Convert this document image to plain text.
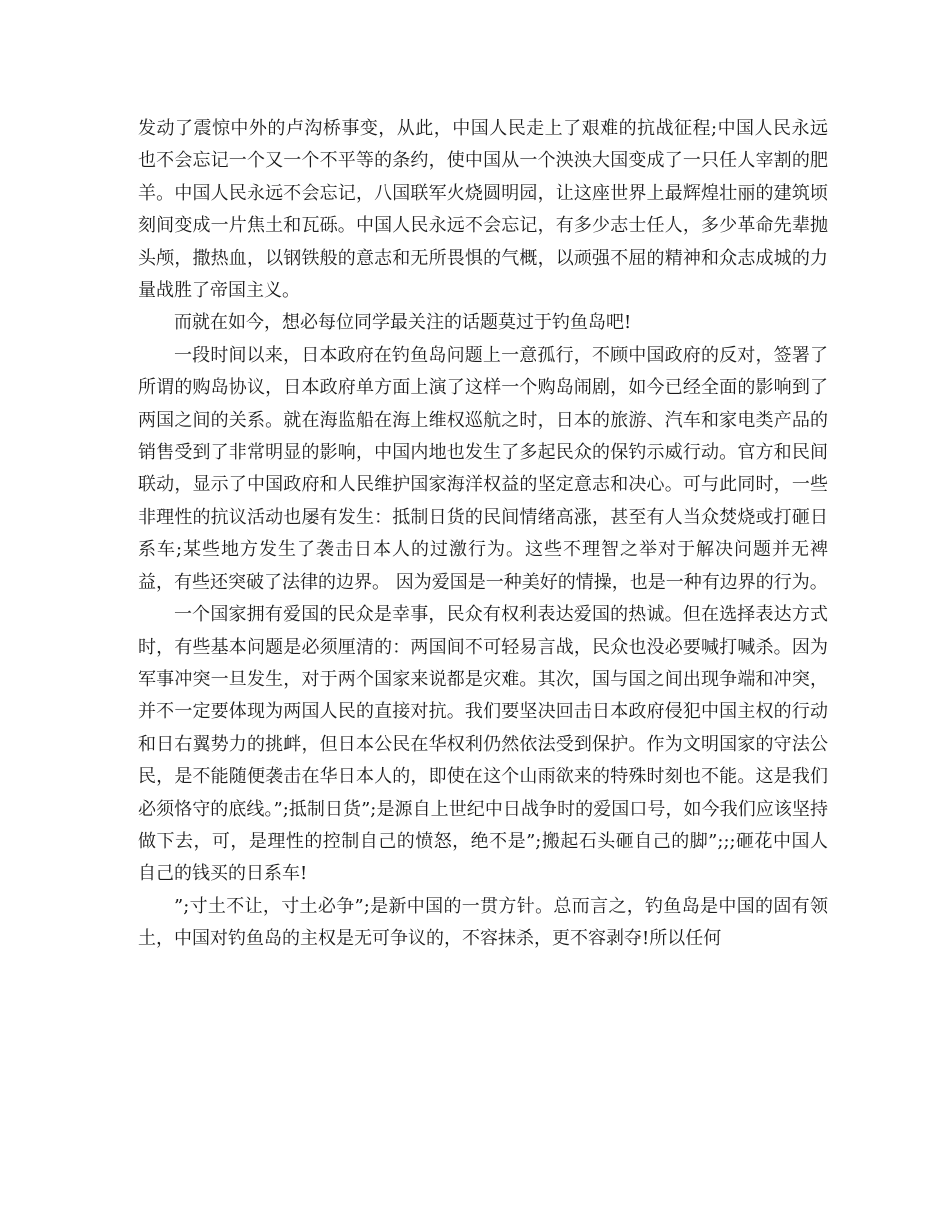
发动了震惊中外的卢沟桥事变，从此，中国人民走上了艰难的抗战征程;中国人民永远也不会忘记一个又一个不平等的条约，使中国从一个泱泱大国变成了一只任人宰割的肥羊。中国人民永远不会忘记，八国联军火烧圆明园，让这座世界上最辉煌壮丽的建筑顷刻间变成一片焦土和瓦砾。中国人民永远不会忘记，有多少志士任人，多少革命先辈抛头颅，撒热血，以钢铁般的意志和无所畏惧的气概，以顽强不屈的精神和众志成城的力量战胜了帝国主义。

而就在如今，想必每位同学最关注的话题莫过于钓鱼岛吧!

一段时间以来，日本政府在钓鱼岛问题上一意孤行，不顾中国政府的反对，签署了所谓的购岛协议，日本政府单方面上演了这样一个购岛闹剧，如今已经全面的影响到了两国之间的关系。就在海监船在海上维权巡航之时，日本的旅游、汽车和家电类产品的销售受到了非常明显的影响，中国内地也发生了多起民众的保钓示威行动。官方和民间联动，显示了中国政府和人民维护国家海洋权益的坚定意志和决心。可与此同时，一些非理性的抗议活动也屡有发生：抵制日货的民间情绪高涨，甚至有人当众焚烧或打砸日系车;某些地方发生了袭击日本人的过激行为。这些不理智之举对于解决问题并无裨益，有些还突破了法律的边界。 因为爱国是一种美好的情操，也是一种有边界的行为。

一个国家拥有爱国的民众是幸事，民众有权利表达爱国的热诚。但在选择表达方式时，有些基本问题是必须厘清的：两国间不可轻易言战，民众也没必要喊打喊杀。因为军事冲突一旦发生，对于两个国家来说都是灾难。其次，国与国之间出现争端和冲突，并不一定要体现为两国人民的直接对抗。我们要坚决回击日本政府侵犯中国主权的行动和日右翼势力的挑衅，但日本公民在华权利仍然依法受到保护。作为文明国家的守法公民，是不能随便袭击在华日本人的，即使在这个山雨欲来的特殊时刻也不能。这是我们必须恪守的底线。”;抵制日货”;是源自上世纪中日战争时的爱国口号，如今我们应该坚持做下去，可，是理性的控制自己的愤怒，绝不是”;搬起石头砸自己的脚”;;;砸花中国人自己的钱买的日系车!

”;寸土不让，寸土必争”;是新中国的一贯方针。总而言之，钓鱼岛是中国的固有领土，中国对钓鱼岛的主权是无可争议的，不容抹杀，更不容剥夺!所以任何
